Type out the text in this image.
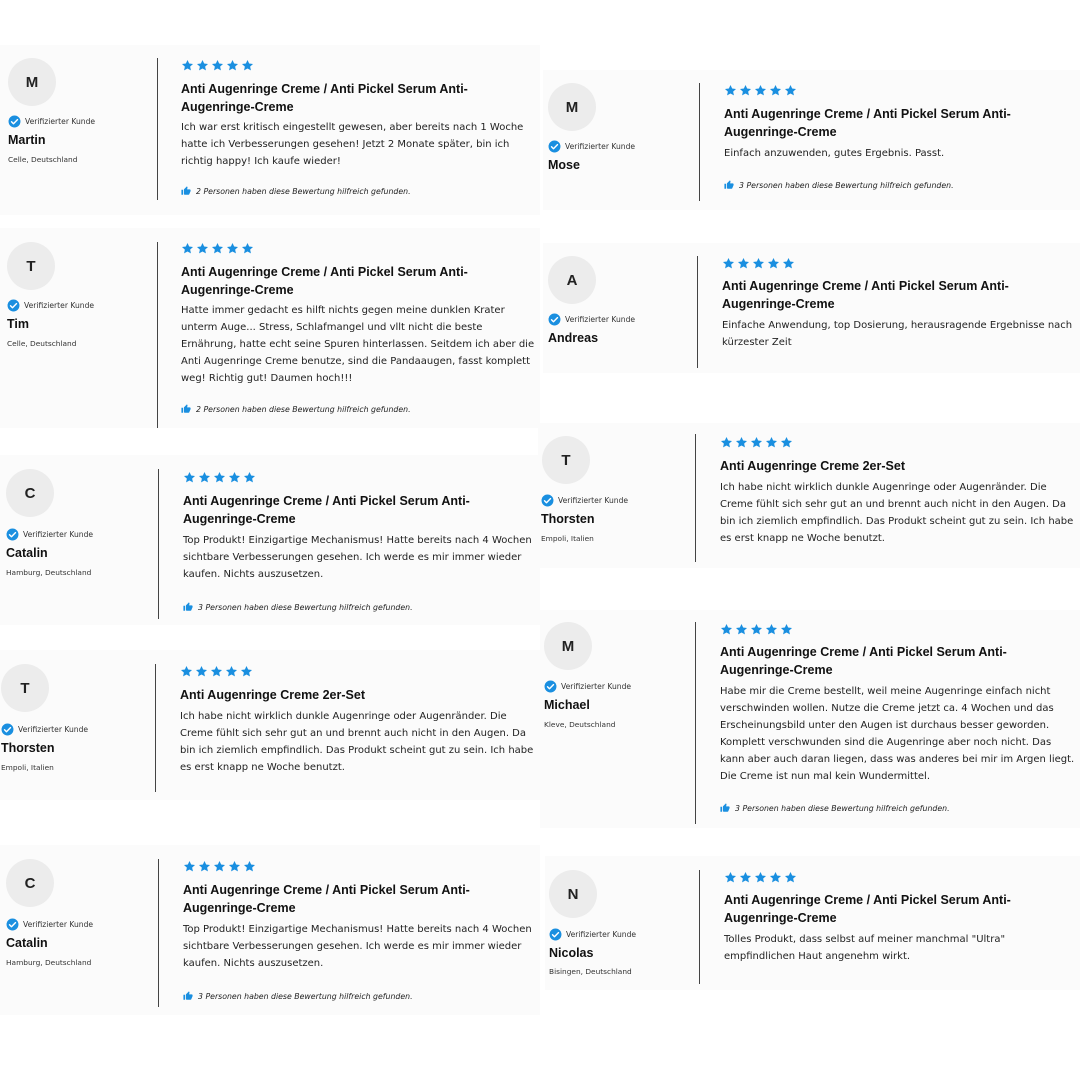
M
Verifizierter Kunde
Martin
Celle, Deutschland
Anti Augenringe Creme / Anti Pickel Serum Anti-Augenringe-Creme
Ich war erst kritisch eingestellt gewesen, aber bereits nach 1 Woche hatte ich Verbesserungen gesehen! Jetzt 2 Monate später, bin ich richtig happy! Ich kaufe wieder!
2 Personen haben diese Bewertung hilfreich gefunden.
T
Verifizierter Kunde
Tim
Celle, Deutschland
Anti Augenringe Creme / Anti Pickel Serum Anti-Augenringe-Creme
Hatte immer gedacht es hilft nichts gegen meine dunklen Krater unterm Auge... Stress, Schlafmangel und vllt nicht die beste Ernährung, hatte echt seine Spuren hinterlassen. Seitdem ich aber die Anti Augenringe Creme benutze, sind die Pandaaugen, fasst komplett weg! Richtig gut! Daumen hoch!!!
2 Personen haben diese Bewertung hilfreich gefunden.
C
Verifizierter Kunde
Catalin
Hamburg, Deutschland
Anti Augenringe Creme / Anti Pickel Serum Anti-Augenringe-Creme
Top Produkt! Einzigartige Mechanismus! Hatte bereits nach 4 Wochen sichtbare Verbesserungen gesehen. Ich werde es mir immer wieder kaufen. Nichts auszusetzen.
3 Personen haben diese Bewertung hilfreich gefunden.
T
Verifizierter Kunde
Thorsten
Empoli, Italien
Anti Augenringe Creme 2er-Set
Ich habe nicht wirklich dunkle Augenringe oder Augenränder. Die Creme fühlt sich sehr gut an und brennt auch nicht in den Augen. Da bin ich ziemlich empfindlich. Das Produkt scheint gut zu sein. Ich habe es erst knapp ne Woche benutzt.
C
Verifizierter Kunde
Catalin
Hamburg, Deutschland
Anti Augenringe Creme / Anti Pickel Serum Anti-Augenringe-Creme
Top Produkt! Einzigartige Mechanismus! Hatte bereits nach 4 Wochen sichtbare Verbesserungen gesehen. Ich werde es mir immer wieder kaufen. Nichts auszusetzen.
3 Personen haben diese Bewertung hilfreich gefunden.
M
Verifizierter Kunde
Mose
Anti Augenringe Creme / Anti Pickel Serum Anti-Augenringe-Creme
Einfach anzuwenden, gutes Ergebnis. Passt.
3 Personen haben diese Bewertung hilfreich gefunden.
A
Verifizierter Kunde
Andreas
Anti Augenringe Creme / Anti Pickel Serum Anti-Augenringe-Creme
Einfache Anwendung, top Dosierung, herausragende Ergebnisse nach kürzester Zeit
T
Verifizierter Kunde
Thorsten
Empoli, Italien
Anti Augenringe Creme 2er-Set
Ich habe nicht wirklich dunkle Augenringe oder Augenränder. Die Creme fühlt sich sehr gut an und brennt auch nicht in den Augen. Da bin ich ziemlich empfindlich. Das Produkt scheint gut zu sein. Ich habe es erst knapp ne Woche benutzt.
M
Verifizierter Kunde
Michael
Kleve, Deutschland
Anti Augenringe Creme / Anti Pickel Serum Anti-Augenringe-Creme
Habe mir die Creme bestellt, weil meine Augenringe einfach nicht verschwinden wollen. Nutze die Creme jetzt ca. 4 Wochen und das Erscheinungsbild unter den Augen ist durchaus besser geworden. Komplett verschwunden sind die Augenringe aber noch nicht. Das kann aber auch daran liegen, dass was anderes bei mir im Argen liegt. Die Creme ist nun mal kein Wundermittel.
3 Personen haben diese Bewertung hilfreich gefunden.
N
Verifizierter Kunde
Nicolas
Bisingen, Deutschland
Anti Augenringe Creme / Anti Pickel Serum Anti-Augenringe-Creme
Tolles Produkt, dass selbst auf meiner manchmal "Ultra" empfindlichen Haut angenehm wirkt.
